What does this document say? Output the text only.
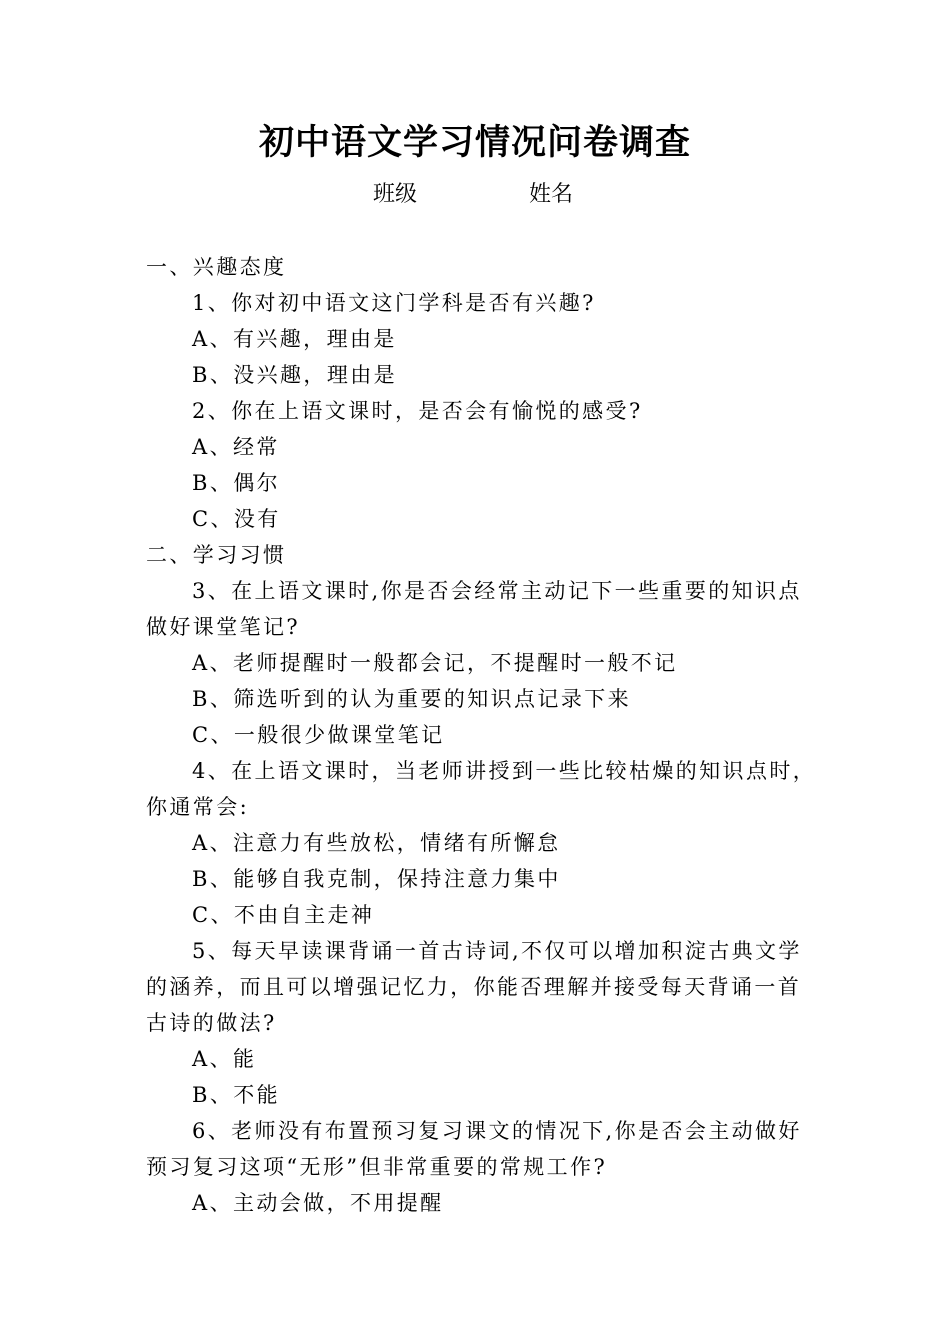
初中语文学习情况问卷调查
班级	姓名
一、兴趣态度
1、你对初中语文这门学科是否有兴趣?
A、有兴趣，理由是
B、没兴趣，理由是
2、你在上语文课时，是否会有愉悦的感受?
A、经常
B、偶尔
C、没有
二、学习习惯
3、在上语文课时,你是否会经常主动记下一些重要的知识点
做好课堂笔记?
A、老师提醒时一般都会记，不提醒时一般不记
B、筛选听到的认为重要的知识点记录下来
C、一般很少做课堂笔记
4、在上语文课时，当老师讲授到一些比较枯燥的知识点时，
你通常会:
A、注意力有些放松，情绪有所懈怠
B、能够自我克制，保持注意力集中
C、不由自主走神
5、每天早读课背诵一首古诗词,不仅可以增加积淀古典文学
的涵养，而且可以增强记忆力，你能否理解并接受每天背诵一首
古诗的做法?
A、能
B、不能
6、老师没有布置预习复习课文的情况下,你是否会主动做好
预习复习这项“无形”但非常重要的常规工作?
A、主动会做，不用提醒
